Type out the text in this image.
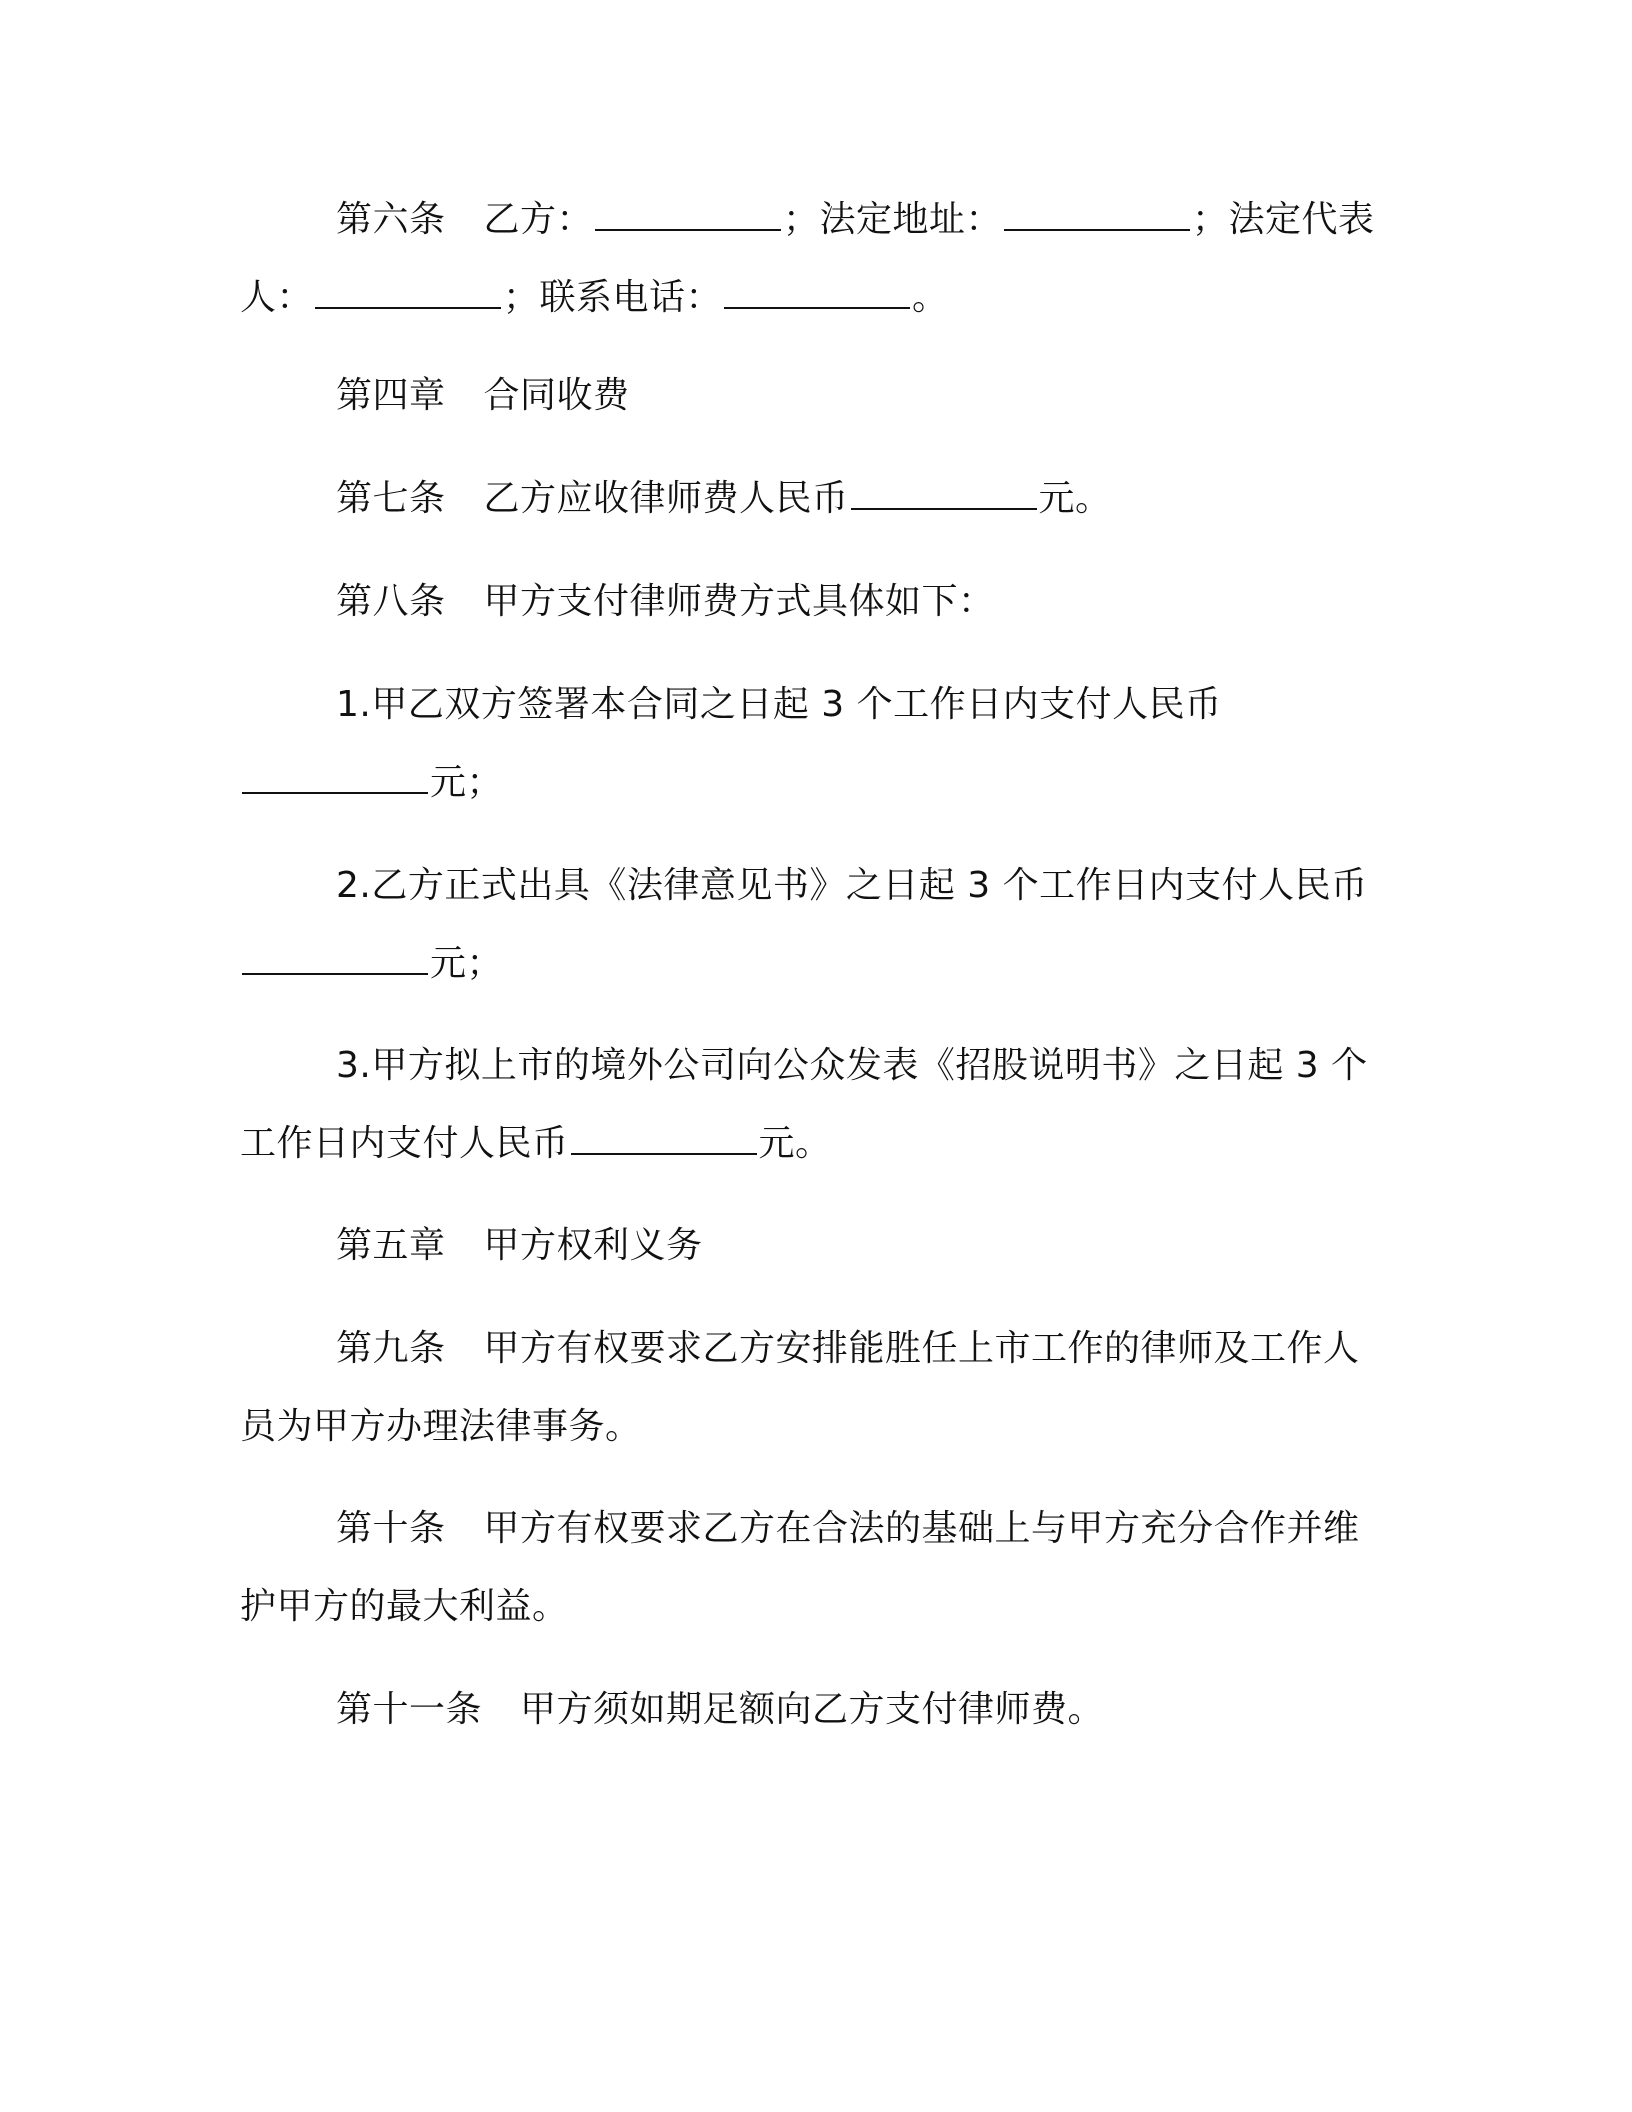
第六条 乙方：	；法定地址：	；法定代表人：	；联系电话：	。

第四章 合同收费

第七条 乙方应收律师费人民币	元。

第八条 甲方支付律师费方式具体如下：

1.甲乙双方签署本合同之日起 3 个工作日内支付人民币元；

2.乙方正式出具《法律意见书》之日起 3 个工作日内支付人民币元；

3.甲方拟上市的境外公司向公众发表《招股说明书》之日起 3 个工作日内支付人民币	元。

第五章 甲方权利义务

第九条 甲方有权要求乙方安排能胜任上市工作的律师及工作人员为甲方办理法律事务。

第十条 甲方有权要求乙方在合法的基础上与甲方充分合作并维护甲方的最大利益。

第十一条 甲方须如期足额向乙方支付律师费。
